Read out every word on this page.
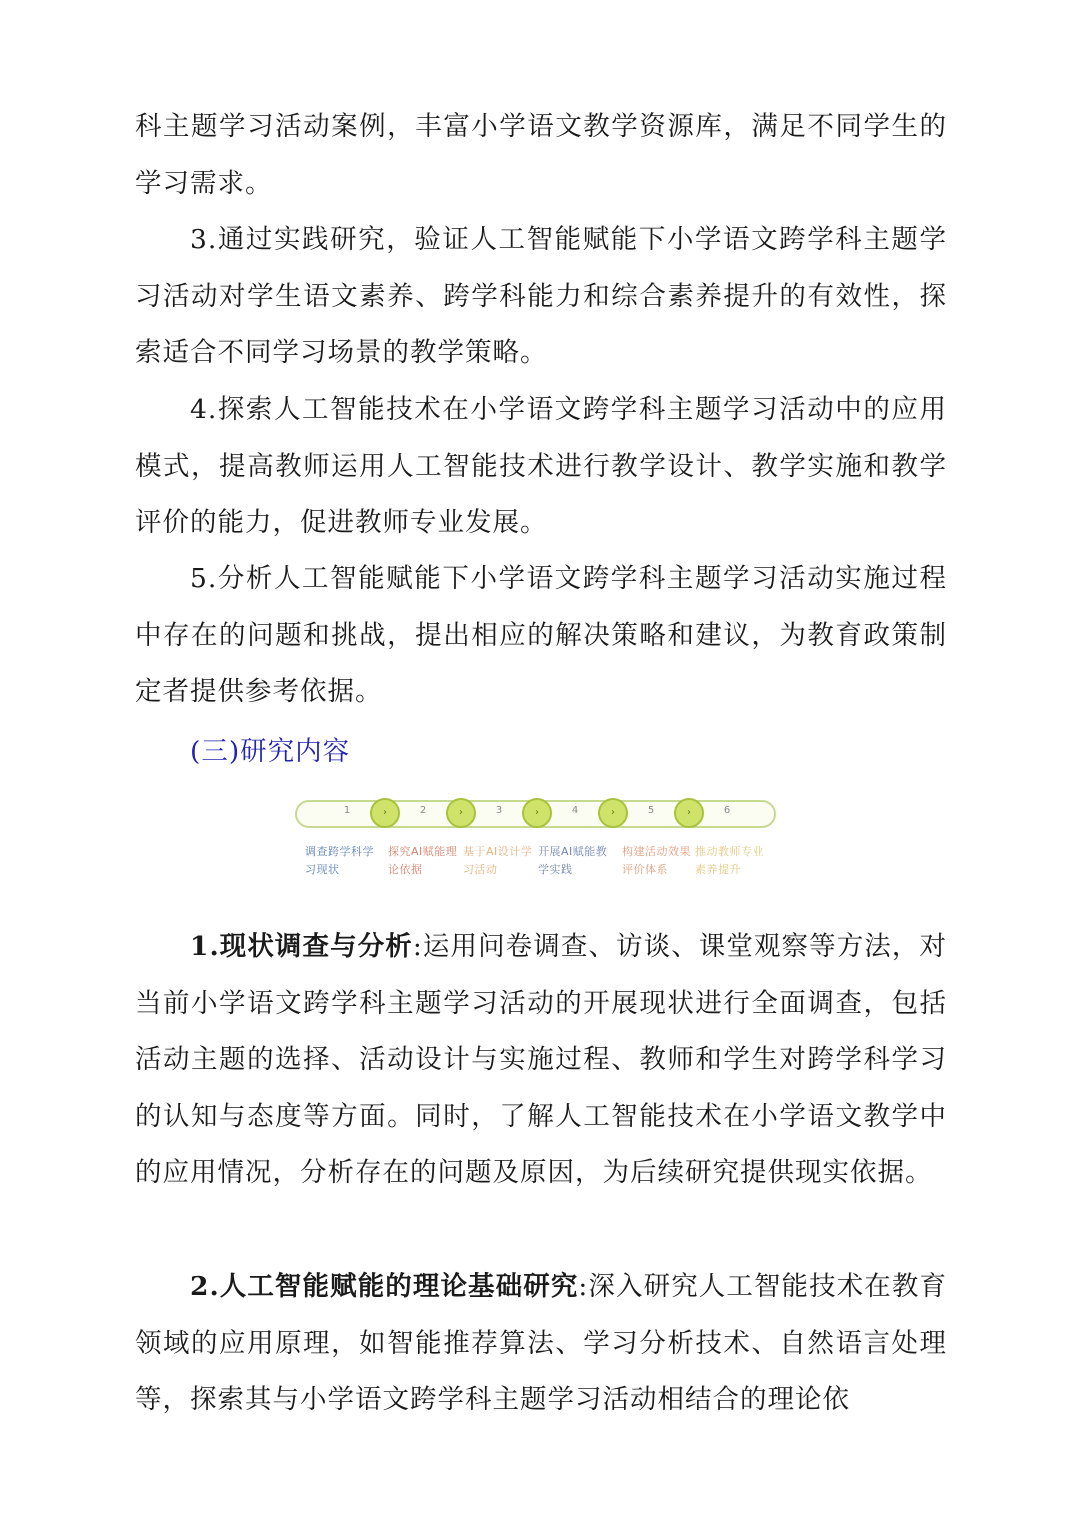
科主题学习活动案例，丰富小学语文教学资源库，满足不同学生的学习需求。

3.通过实践研究，验证人工智能赋能下小学语文跨学科主题学习活动对学生语文素养、跨学科能力和综合素养提升的有效性，探索适合不同学习场景的教学策略。

4.探索人工智能技术在小学语文跨学科主题学习活动中的应用模式，提高教师运用人工智能技术进行教学设计、教学实施和教学评价的能力，促进教师专业发展。

5.分析人工智能赋能下小学语文跨学科主题学习活动实施过程中存在的问题和挑战，提出相应的解决策略和建议，为教育政策制定者提供参考依据。

(三)研究内容

1	›	2	›	3	›	4	›	5	›	6
调查跨学科学习现状
探究AI赋能理论依据
基于AI设计学习活动
开展AI赋能教学实践
构建活动效果评价体系
推动教师专业素养提升

1.现状调查与分析:运用问卷调查、访谈、课堂观察等方法，对当前小学语文跨学科主题学习活动的开展现状进行全面调查，包括活动主题的选择、活动设计与实施过程、教师和学生对跨学科学习的认知与态度等方面。同时，了解人工智能技术在小学语文教学中的应用情况，分析存在的问题及原因，为后续研究提供现实依据。

2.人工智能赋能的理论基础研究:深入研究人工智能技术在教育领域的应用原理，如智能推荐算法、学习分析技术、自然语言处理等，探索其与小学语文跨学科主题学习活动相结合的理论依
